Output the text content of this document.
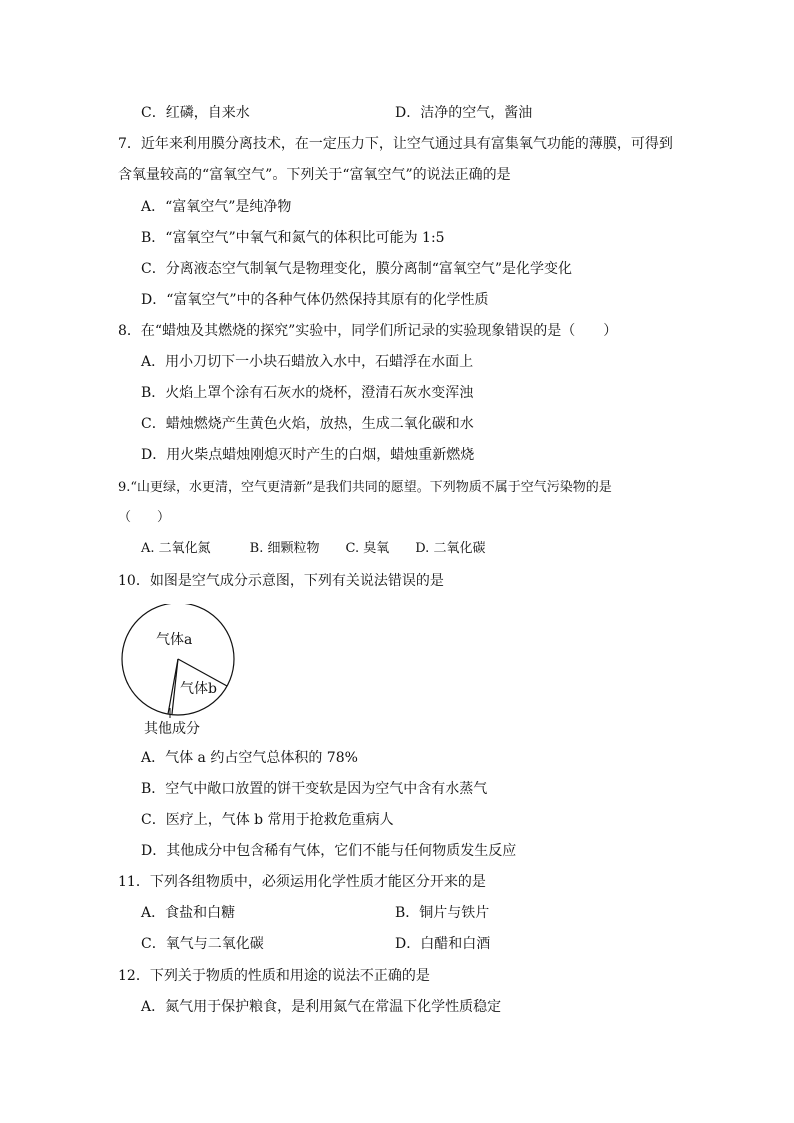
C．红磷，自来水	D．洁净的空气，酱油
7．近年来利用膜分离技术，在一定压力下，让空气通过具有富集氧气功能的薄膜，可得到
含氧量较高的“富氧空气”。下列关于“富氧空气”的说法正确的是
A．“富氧空气”是纯净物
B．“富氧空气”中氧气和氮气的体积比可能为 1:5
C．分离液态空气制氧气是物理变化，膜分离制“富氧空气”是化学变化
D．“富氧空气”中的各种气体仍然保持其原有的化学性质
8．在“蜡烛及其燃烧的探究”实验中，同学们所记录的实验现象错误的是（　　）
A．用小刀切下一小块石蜡放入水中，石蜡浮在水面上
B．火焰上罩个涂有石灰水的烧杯，澄清石灰水变浑浊
C．蜡烛燃烧产生黄色火焰，放热，生成二氧化碳和水
D．用火柴点蜡烛刚熄灭时产生的白烟，蜡烛重新燃烧
9.“山更绿，水更清，空气更清新”是我们共同的愿望。下列物质不属于空气污染物的是
（　　）
A. 二氧化氮　　　B. 细颗粒物　　C. 臭氧　　D. 二氧化碳
10．如图是空气成分示意图，下列有关说法错误的是
气体a
气体b
其他成分
A．气体 a 约占空气总体积的 78%
B．空气中敞口放置的饼干变软是因为空气中含有水蒸气
C．医疗上，气体 b 常用于抢救危重病人
D．其他成分中包含稀有气体，它们不能与任何物质发生反应
11．下列各组物质中，必须运用化学性质才能区分开来的是
A．食盐和白糖	B．铜片与铁片
C．氧气与二氧化碳	D．白醋和白酒
12．下列关于物质的性质和用途的说法不正确的是
A．氮气用于保护粮食，是利用氮气在常温下化学性质稳定
